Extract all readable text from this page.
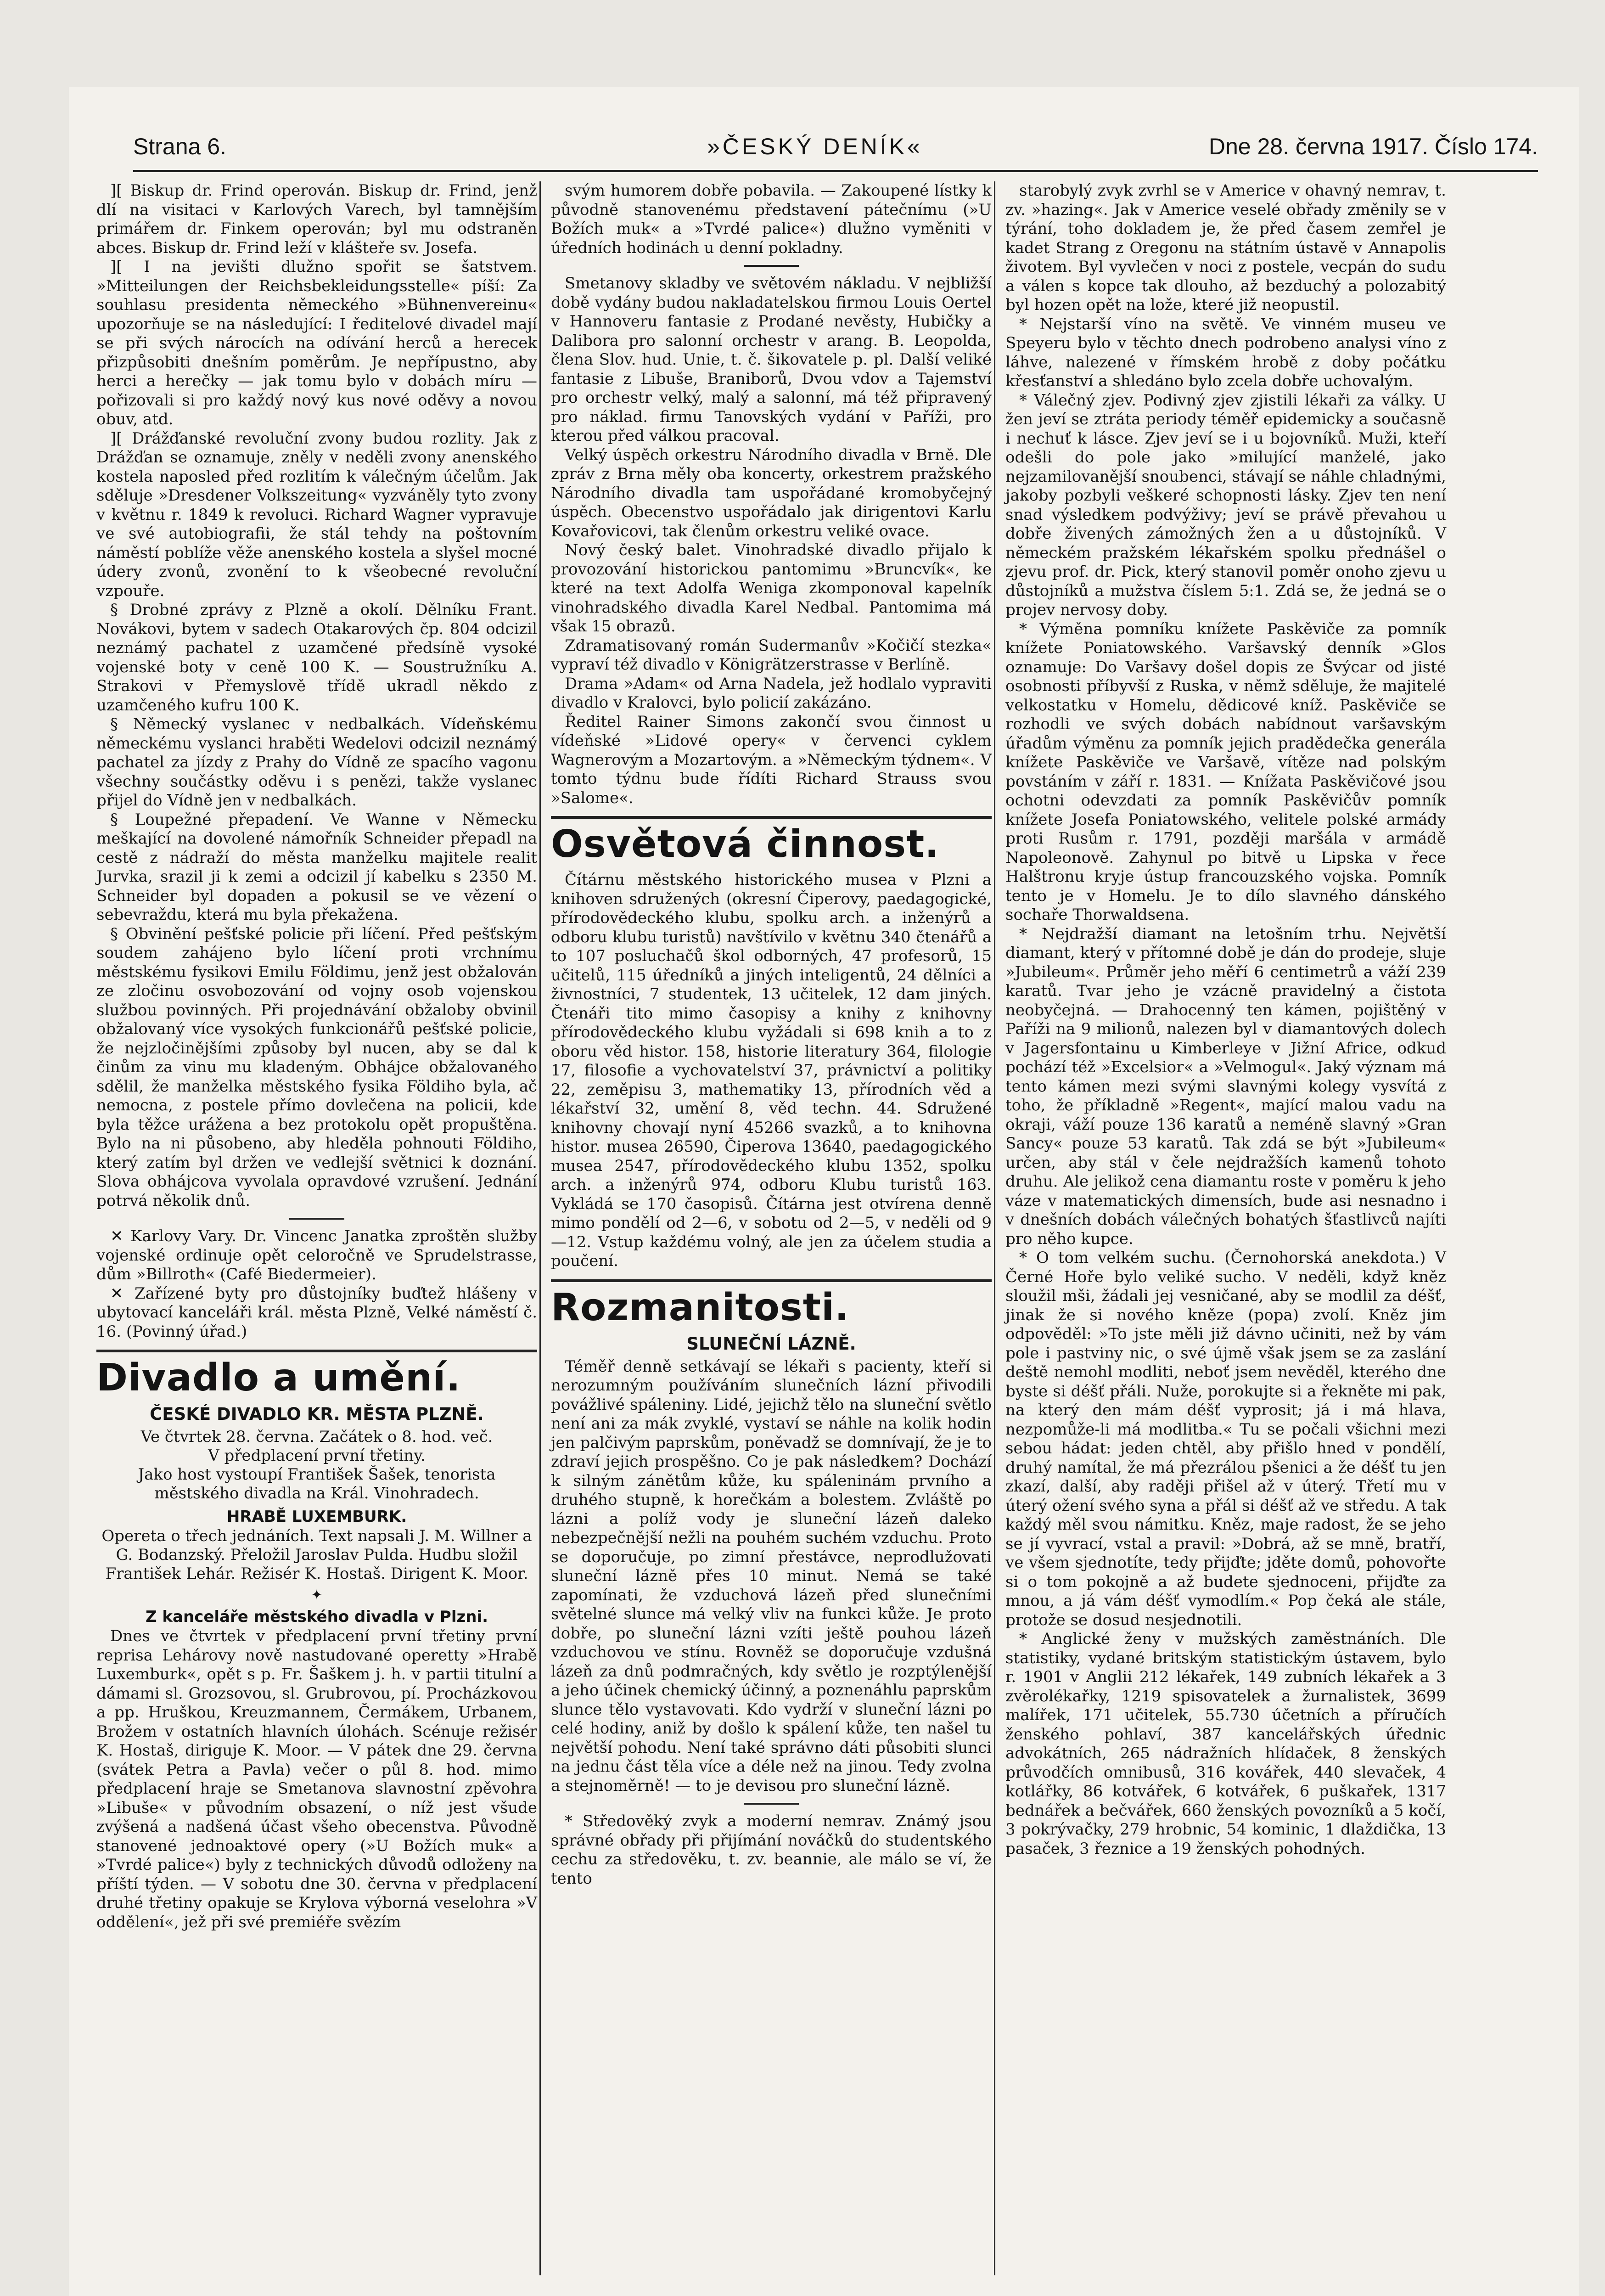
Strana 6.	»ČESKÝ DENÍK«	Dne 28. června 1917. Číslo 174.

][ Biskup dr. Frind operován. Biskup dr. Frind, jenž dlí na visitaci v Karlových Varech, byl tamnějším primářem dr. Finkem operován; byl mu odstraněn abces. Biskup dr. Frind leží v klášteře sv. Josefa.

][ I na jevišti dlužno spořit se šatstvem. »Mitteilungen der Reichsbekleidungsstelle« píší: Za souhlasu presidenta německého »Bühnenvereinu« upozorňuje se na následující: I ředitelové divadel mají se při svých nárocích na odívání herců a herecek přizpůsobiti dnešním poměrům. Je nepřípustno, aby herci a herečky — jak tomu bylo v dobách míru — pořizovali si pro každý nový kus nové oděvy a novou obuv, atd.

][ Drážďanské revoluční zvony budou rozlity. Jak z Drážďan se oznamuje, zněly v neděli zvony anenského kostela naposled před rozlitím k válečným účelům. Jak sděluje »Dresdener Volkszeitung« vyzváněly tyto zvony v květnu r. 1849 k revoluci. Richard Wagner vypravuje ve své autobiografii, že stál tehdy na poštovním náměstí poblíže věže anenského kostela a slyšel mocné údery zvonů, zvonění to k všeobecné revoluční vzpouře.

§ Drobné zprávy z Plzně a okolí. Dělníku Frant. Novákovi, bytem v sadech Otakarových čp. 804 odcizil neznámý pachatel z uzamčené předsíně vysoké vojenské boty v ceně 100 K. — Soustružníku A. Strakovi v Přemyslově třídě ukradl někdo z uzamčeného kufru 100 K.

§ Německý vyslanec v nedbalkách. Vídeňskému německému vyslanci hraběti Wedelovi odcizil neznámý pachatel za jízdy z Prahy do Vídně ze spacího vagonu všechny součástky oděvu i s penězi, takže vyslanec přijel do Vídně jen v nedbalkách.

§ Loupežné přepadení. Ve Wanne v Německu meškající na dovolené námořník Schneider přepadl na cestě z nádraží do města manželku majitele realit Jurvka, srazil ji k zemi a odcizil jí kabelku s 2350 M. Schneider byl dopaden a pokusil se ve vězení o sebevraždu, která mu byla překažena.

§ Obvinění pešťské policie při líčení. Před pešťským soudem zahájeno bylo líčení proti vrchnímu městskému fysikovi Emilu Földimu, jenž jest obžalován ze zločinu osvobozování od vojny osob vojenskou službou povinných. Při projednávání obžaloby obvinil obžalovaný více vysokých funkcionářů pešťské policie, že nejzločinějšími způsoby byl nucen, aby se dal k činům za vinu mu kladeným. Obhájce obžalovaného sdělil, že manželka městského fysika Földiho byla, ač nemocna, z postele přímo dovlečena na policii, kde byla těžce urážena a bez protokolu opět propuštěna. Bylo na ni působeno, aby hleděla pohnouti Földiho, který zatím byl držen ve vedlejší světnici k doznání. Slova obhájcova vyvolala opravdové vzrušení. Jednání potrvá několik dnů.

✕ Karlovy Vary. Dr. Vincenc Janatka zproštěn služby vojenské ordinuje opět celoročně ve Sprudelstrasse, dům »Billroth« (Café Biedermeier).

✕ Zařízené byty pro důstojníky buďtež hlášeny v ubytovací kanceláři král. města Plzně, Velké náměstí č. 16. (Povinný úřad.)

Divadlo a umění.
ČESKÉ DIVADLO KR. MĚSTA PLZNĚ.

Ve čtvrtek 28. června. Začátek o 8. hod. več.

V předplacení první třetiny.

Jako host vystoupí František Šašek, tenorista městského divadla na Král. Vinohradech.

HRABĚ LUXEMBURK.

Opereta o třech jednáních. Text napsali J. M. Willner a G. Bodanzský. Přeložil Jaroslav Pulda. Hudbu složil František Lehár. Režisér K. Hostaš. Dirigent K. Moor.

✦

Z kanceláře městského divadla v Plzni.

Dnes ve čtvrtek v předplacení první třetiny první reprisa Lehárovy nově nastudované operetty »Hrabě Luxemburk«, opět s p. Fr. Šaškem j. h. v partii titulní a dámami sl. Grozsovou, sl. Grubrovou, pí. Procházkovou a pp. Hruškou, Kreuzmannem, Čermákem, Urbanem, Brožem v ostatních hlavních úlohách. Scénuje režisér K. Hostaš, diriguje K. Moor. — V pátek dne 29. června (svátek Petra a Pavla) večer o půl 8. hod. mimo předplacení hraje se Smetanova slavnostní zpěvohra »Libuše« v původním obsazení, o níž jest všude zvýšená a nadšená účast všeho obecenstva. Původně stanovené jednoaktové opery (»U Božích muk« a »Tvrdé palice«) byly z technických důvodů odloženy na příští týden. — V sobotu dne 30. června v předplacení druhé třetiny opakuje se Krylova výborná veselohra »V oddělení«, jež při své premiéře svězím

svým humorem dobře pobavila. — Zakoupené lístky k původně stanovenému představení pátečnímu (»U Božích muk« a »Tvrdé palice«) dlužno vyměniti v úředních hodinách u denní pokladny.

Smetanovy skladby ve světovém nákladu. V nejbližší době vydány budou nakladatelskou firmou Louis Oertel v Hannoveru fantasie z Prodané nevěsty, Hubičky a Dalibora pro salonní orchestr v arang. B. Leopolda, člena Slov. hud. Unie, t. č. šikovatele p. pl. Další veliké fantasie z Libuše, Braniborů, Dvou vdov a Tajemství pro orchestr velký, malý a salonní, má též připravený pro náklad. firmu Tanovských vydání v Paříži, pro kterou před válkou pracoval.

Velký úspěch orkestru Národního divadla v Brně. Dle zpráv z Brna měly oba koncerty, orkestrem pražského Národního divadla tam uspořádané kromobyčejný úspěch. Obecenstvo uspořádalo jak dirigentovi Karlu Kovařovicovi, tak členům orkestru veliké ovace.

Nový český balet. Vinohradské divadlo přijalo k provozování historickou pantomimu »Bruncvík«, ke které na text Adolfa Weniga zkomponoval kapelník vinohradského divadla Karel Nedbal. Pantomima má však 15 obrazů.

Zdramatisovaný román Sudermanův »Kočičí stezka« vypraví též divadlo v Königrätzerstrasse v Berlíně.

Drama »Adam« od Arna Nadela, jež hodlalo vypraviti divadlo v Kralovci, bylo policií zakázáno.

Ředitel Rainer Simons zakončí svou činnost u vídeňské »Lidové opery« v červenci cyklem Wagnerovým a Mozartovým. a »Německým týdnem«. V tomto týdnu bude řídíti Richard Strauss svou »Salome«.

Osvětová činnost.

Čítárnu městského historického musea v Plzni a knihoven sdružených (okresní Čiperovy, paedagogické, přírodovědeckého klubu, spolku arch. a inženýrů a odboru klubu turistů) navštívilo v květnu 340 čtenářů a to 107 posluchačů škol odborných, 47 profesorů, 15 učitelů, 115 úředníků a jiných inteligentů, 24 dělníci a živnostníci, 7 studentek, 13 učitelek, 12 dam jiných. Čtenáři tito mimo časopisy a knihy z knihovny přírodovědeckého klubu vyžádali si 698 knih a to z oboru věd histor. 158, historie literatury 364, filologie 17, filosofie a vychovatelství 37, právnictví a politiky 22, zeměpisu 3, mathematiky 13, přírodních věd a lékařství 32, umění 8, věd techn. 44. Sdružené knihovny chovají nyní 45266 svazků, a to knihovna histor. musea 26590, Čiperova 13640, paedagogického musea 2547, přírodovědeckého klubu 1352, spolku arch. a inženýrů 974, odboru Klubu turistů 163. Vykládá se 170 časopisů. Čítárna jest otvírena denně mimo pondělí od 2—6, v sobotu od 2—5, v neděli od 9—12. Vstup každému volný, ale jen za účelem studia a poučení.

Rozmanitosti.
SLUNEČNÍ LÁZNĚ.

Téměř denně setkávají se lékaři s pacienty, kteří si nerozumným používáním slunečních lázní přivodili povážlivé spáleniny. Lidé, jejichž tělo na sluneční světlo není ani za mák zvyklé, vystaví se náhle na kolik hodin jen palčivým paprskům, poněvadž se domnívají, že je to zdraví jejich prospěšno. Co je pak následkem? Dochází k silným zánětům kůže, ku spáleninám prvního a druhého stupně, k horečkám a bolestem. Zvláště po lázni a políž vody je sluneční lázeň daleko nebezpečnější nežli na pouhém suchém vzduchu. Proto se doporučuje, po zimní přestávce, neprodlužovati sluneční lázně přes 10 minut. Nemá se také zapomínati, že vzduchová lázeň před slunečními světelné slunce má velký vliv na funkci kůže. Je proto dobře, po sluneční lázni vzíti ještě pouhou lázeň vzduchovou ve stínu. Rovněž se doporučuje vzdušná lázeň za dnů podmračných, kdy světlo je rozptýlenější a jeho účinek chemický účinný, a poznenáhlu paprskům slunce tělo vystavovati. Kdo vydrží v sluneční lázni po celé hodiny, aniž by došlo k spálení kůže, ten našel tu největší pohodu. Není také správno dáti působiti slunci na jednu část těla více a déle než na jinou. Tedy zvolna a stejnoměrně! — to je devisou pro sluneční lázně.

* Středověký zvyk a moderní nemrav. Známý jsou správné obřady při přijímání nováčků do studentského cechu za středověku, t. zv. beannie, ale málo se ví, že tento

starobylý zvyk zvrhl se v Americe v ohavný nemrav, t. zv. »hazing«. Jak v Americe veselé obřady změnily se v týrání, toho dokladem je, že před časem zemřel je kadet Strang z Oregonu na státním ústavě v Annapolis životem. Byl vyvlečen v noci z postele, vecpán do sudu a válen s kopce tak dlouho, až bezduchý a polozabitý byl hozen opět na lože, které již neopustil.

* Nejstarší víno na světě. Ve vinném museu ve Speyeru bylo v těchto dnech podrobeno analysi víno z láhve, nalezené v římském hrobě z doby počátku křesťanství a shledáno bylo zcela dobře uchovalým.

* Válečný zjev. Podivný zjev zjistili lékaři za války. U žen jeví se ztráta periody téměř epidemicky a současně i nechuť k lásce. Zjev jeví se i u bojovníků. Muži, kteří odešli do pole jako »milující manželé, jako nejzamilovanější snoubenci, stávají se náhle chladnými, jakoby pozbyli veškeré schopnosti lásky. Zjev ten není snad výsledkem podvýživy; jeví se právě převahou u dobře živených zámožných žen a u důstojníků. V německém pražském lékařském spolku přednášel o zjevu prof. dr. Pick, který stanovil poměr onoho zjevu u důstojníků a mužstva číslem 5:1. Zdá se, že jedná se o projev nervosy doby.

* Výměna pomníku knížete Paskěviče za pomník knížete Poniatowského. Varšavský denník »Glos oznamuje: Do Varšavy došel dopis ze Švýcar od jisté osobnosti příbyvší z Ruska, v němž sděluje, že majitelé velkostatku v Homelu, dědicové kníž. Paskěviče se rozhodli ve svých dobách nabídnout varšavským úřadům výměnu za pomník jejich pradědečka generála knížete Paskěviče ve Varšavě, vítěze nad polským povstáním v září r. 1831. — Knížata Paskěvičové jsou ochotni odevzdati za pomník Paskěvičův pomník knížete Josefa Poniatowského, velitele polské armády proti Rusům r. 1791, později maršála v armádě Napoleonově. Zahynul po bitvě u Lipska v řece Halštronu kryje ústup francouzského vojska. Pomník tento je v Homelu. Je to dílo slavného dánského sochaře Thorwaldsena.

* Nejdražší diamant na letošním trhu. Největší diamant, který v přítomné době je dán do prodeje, sluje »Jubileum«. Průměr jeho měří 6 centimetrů a váží 239 karatů. Tvar jeho je vzácně pravidelný a čistota neobyčejná. — Drahocenný ten kámen, pojištěný v Paříži na 9 milionů, nalezen byl v diamantových dolech v Jagersfontainu u Kimberleye v Jižní Africe, odkud pochází též »Excelsior« a »Velmogul«. Jaký význam má tento kámen mezi svými slavnými kolegy vysvítá z toho, že příkladně »Regent«, mající malou vadu na okraji, váží pouze 136 karatů a neméně slavný »Gran Sancy« pouze 53 karatů. Tak zdá se být »Jubileum« určen, aby stál v čele nejdražších kamenů tohoto druhu. Ale jelikož cena diamantu roste v poměru k jeho váze v matematických dimensích, bude asi nesnadno i v dnešních dobách válečných bohatých šťastlivců najíti pro něho kupce.

* O tom velkém suchu. (Černohorská anekdota.) V Černé Hoře bylo veliké sucho. V neděli, když kněz sloužil mši, žádali jej vesničané, aby se modlil za déšť, jinak že si nového kněze (popa) zvolí. Kněz jim odpověděl: »To jste měli již dávno učiniti, než by vám pole i pastviny nic, o své újmě však jsem se za zaslání deště nemohl modliti, neboť jsem nevěděl, kterého dne byste si déšť přáli. Nuže, porokujte si a řekněte mi pak, na který den mám déšť vyprosit; já i má hlava, nezpomůže-li má modlitba.« Tu se počali všichni mezi sebou hádat: jeden chtěl, aby přišlo hned v pondělí, druhý namítal, že má přezrálou pšenici a že déšť tu jen zkazí, další, aby raději přišel až v úterý. Třetí mu v úterý ožení svého syna a přál si déšť až ve středu. A tak každý měl svou námitku. Kněz, maje radost, že se jeho se jí vyvrací, vstal a pravil: »Dobrá, až se mně, bratří, ve všem sjednotíte, tedy přijďte; jděte domů, pohovořte si o tom pokojně a až budete sjednoceni, přijďte za mnou, a já vám déšť vymodlím.« Pop čeká ale stále, protože se dosud nesjednotili.

* Anglické ženy v mužských zaměstnáních. Dle statistiky, vydané britským statistickým ústavem, bylo r. 1901 v Anglii 212 lékařek, 149 zubních lékařek a 3 zvěrolékařky, 1219 spisovatelek a žurnalistek, 3699 malířek, 171 učitelek, 55.730 účetních a příručích ženského pohlaví, 387 kancelářských úřednic advokátních, 265 nádražních hlídaček, 8 ženských průvodčích omnibusů, 316 kovářek, 440 slevaček, 4 kotlářky, 86 kotvářek, 6 kotvářek, 6 puškařek, 1317 bednářek a bečvářek, 660 ženských povozníků a 5 kočí, 3 pokrývačky, 279 hrobnic, 54 kominic, 1 dlaždička, 13 pasaček, 3 řeznice a 19 ženských pohodných.
